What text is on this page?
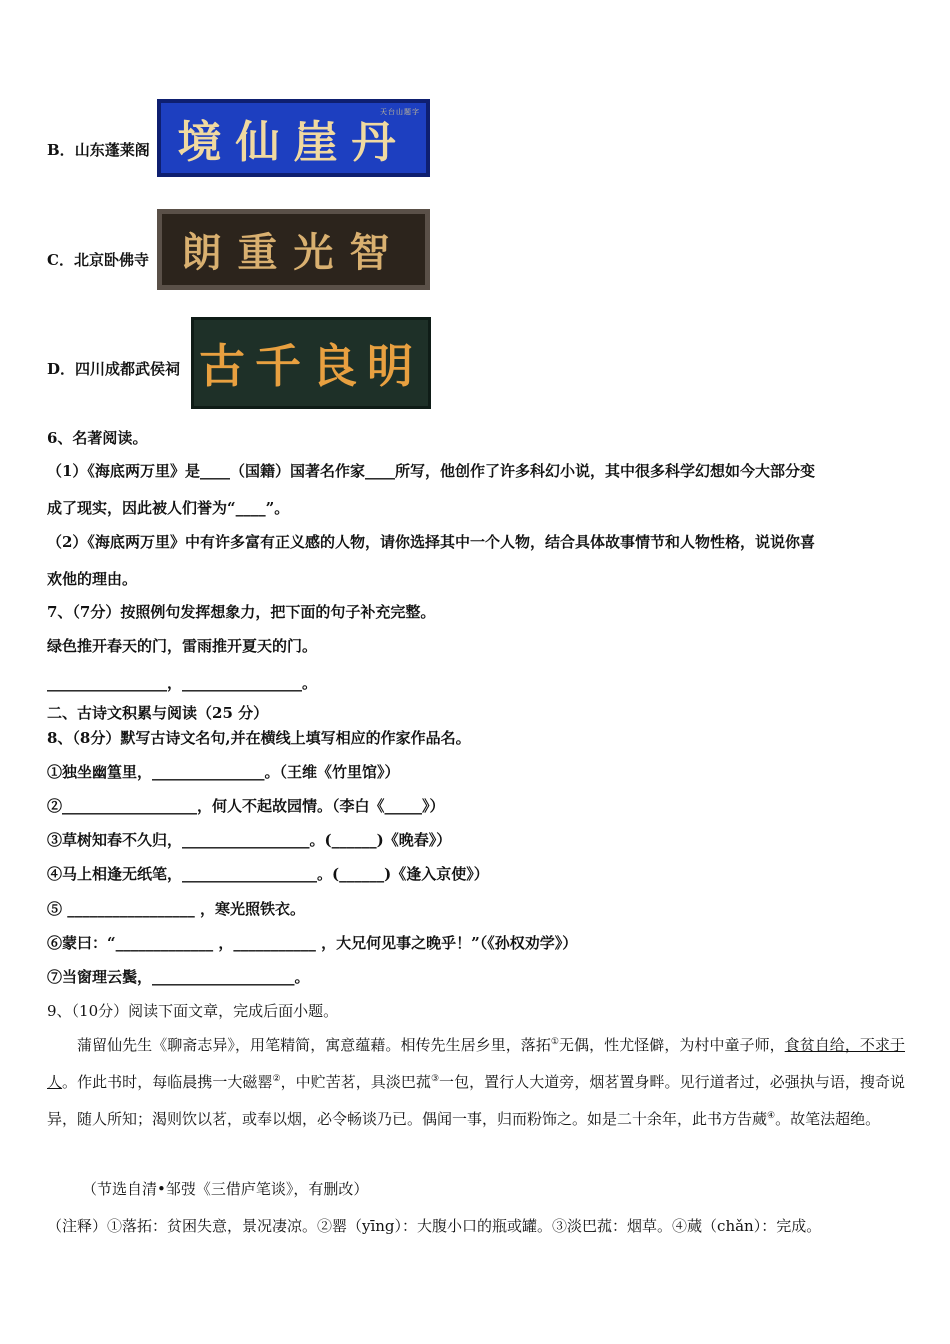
B．山东蓬莱阁
天台山题字
境仙崖丹
C．北京卧佛寺 朗重光智
D．四川成都武侯祠 古千良明
6、名著阅读。
（1）《海底两万里》是____（国籍）国著名作家____所写，他创作了许多科幻小说，其中很多科学幻想如今大部分变
成了现实，因此被人们誉为“____”。
（2）《海底两万里》中有许多富有正义感的人物，请你选择其中一个人物，结合具体故事情节和人物性格，说说你喜
欢他的理由。
7、（7分）按照例句发挥想象力，把下面的句子补充完整。
绿色推开春天的门，雷雨推开夏天的门。
________________，________________。
二、古诗文积累与阅读（25 分）
8、（8分）默写古诗文名句,并在横线上填写相应的作家作品名。
①独坐幽篁里，_______________。（王维《竹里馆》）
②__________________，何人不起故园情。（李白《_____》）
③草树知春不久归，_________________。(______)《晚春》）
④马上相逢无纸笔，__________________。(______)《逢入京使》）
⑤ _________________ ，寒光照铁衣。
⑥蒙曰：“_____________ ，___________ ，大兄何见事之晚乎！”（《孙权劝学》）
⑦当窗理云鬓，___________________。
9、（10分）阅读下面文章，完成后面小题。
蒲留仙先生《聊斋志异》，用笔精简，寓意蕴藉。相传先生居乡里，落拓①无偶，性尤怪僻，为村中童子师，食贫自给，不求于人。作此书时，每临晨携一大磁罂②，中贮苦茗，具淡巴菰③一包，置行人大道旁，烟茗置身畔。见行道者过，必强执与语，搜奇说异，随人所知；渴则饮以茗，或奉以烟，必令畅谈乃已。偶闻一事，归而粉饰之。如是二十余年，此书方告蒇④。故笔法超绝。
（节选自清•邹弢《三借庐笔谈》，有删改）
（注释）①落拓：贫困失意，景况凄凉。②罂（yīng）：大腹小口的瓶或罐。③淡巴菰：烟草。④蒇（chǎn）：完成。
